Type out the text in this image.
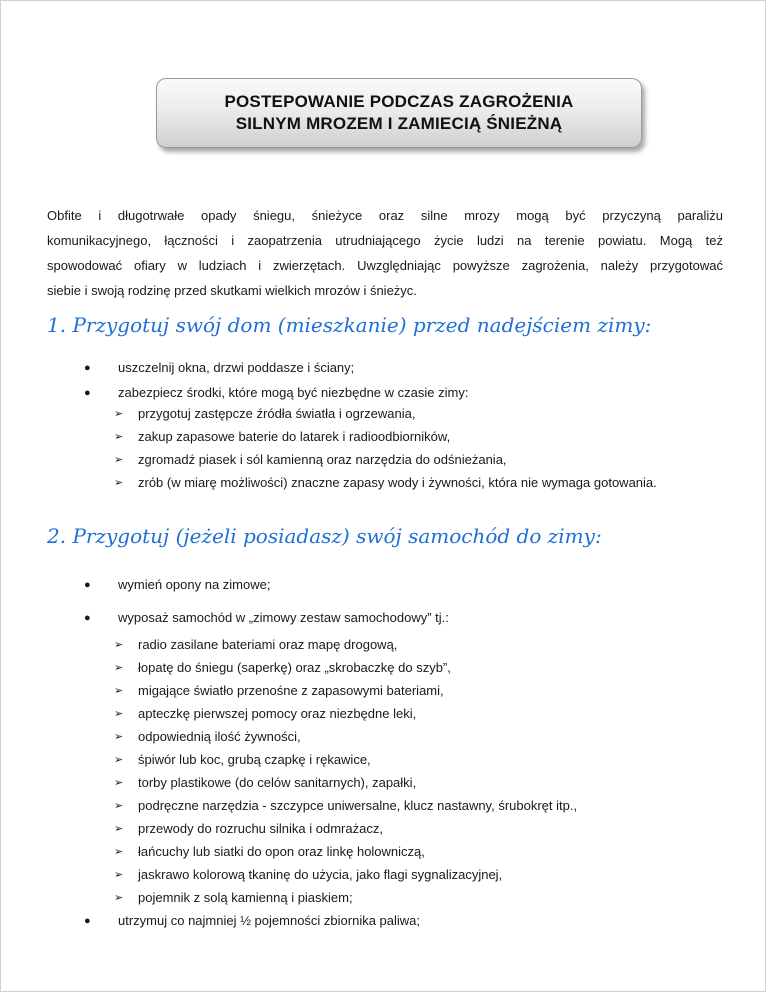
POSTEPOWANIE PODCZAS ZAGROŻENIA
SILNYM MROZEM I ZAMIECIĄ ŚNIEŻNĄ
Obfite i długotrwałe opady śniegu, śnieżyce oraz silne mrozy mogą być przyczyną paraliżu
komunikacyjnego, łączności i zaopatrzenia utrudniającego życie ludzi na terenie powiatu. Mogą też
spowodować ofiary w ludziach i zwierzętach. Uwzględniając powyższe zagrożenia, należy przygotować
siebie i swoją rodzinę przed skutkami wielkich mrozów i śnieżyc.
1. Przygotuj swój dom (mieszkanie) przed nadejściem zimy:
● uszczelnij okna, drzwi poddasze i ściany;
● zabezpiecz środki, które mogą być niezbędne w czasie zimy:
➢ przygotuj zastępcze źródła światła i ogrzewania,
➢ zakup zapasowe baterie do latarek i radioodbiorników,
➢ zgromadź piasek i sól kamienną oraz narzędzia do odśnieżania,
➢ zrób (w miarę możliwości) znaczne zapasy wody i żywności, która nie wymaga gotowania.
2. Przygotuj (jeżeli posiadasz) swój samochód do zimy:
● wymień opony na zimowe;
● wyposaż samochód w „zimowy zestaw samochodowy” tj.:
➢ radio zasilane bateriami oraz mapę drogową,
➢ łopatę do śniegu (saperkę) oraz „skrobaczkę do szyb”,
➢ migające światło przenośne z zapasowymi bateriami,
➢ apteczkę pierwszej pomocy oraz niezbędne leki,
➢ odpowiednią ilość żywności,
➢ śpiwór lub koc, grubą czapkę i rękawice,
➢ torby plastikowe (do celów sanitarnych), zapałki,
➢ podręczne narzędzia - szczypce uniwersalne, klucz nastawny, śrubokręt itp.,
➢ przewody do rozruchu silnika i odmrażacz,
➢ łańcuchy lub siatki do opon oraz linkę holowniczą,
➢ jaskrawo kolorową tkaninę do użycia, jako flagi sygnalizacyjnej,
➢ pojemnik z solą kamienną i piaskiem;
● utrzymuj co najmniej ½ pojemności zbiornika paliwa;
